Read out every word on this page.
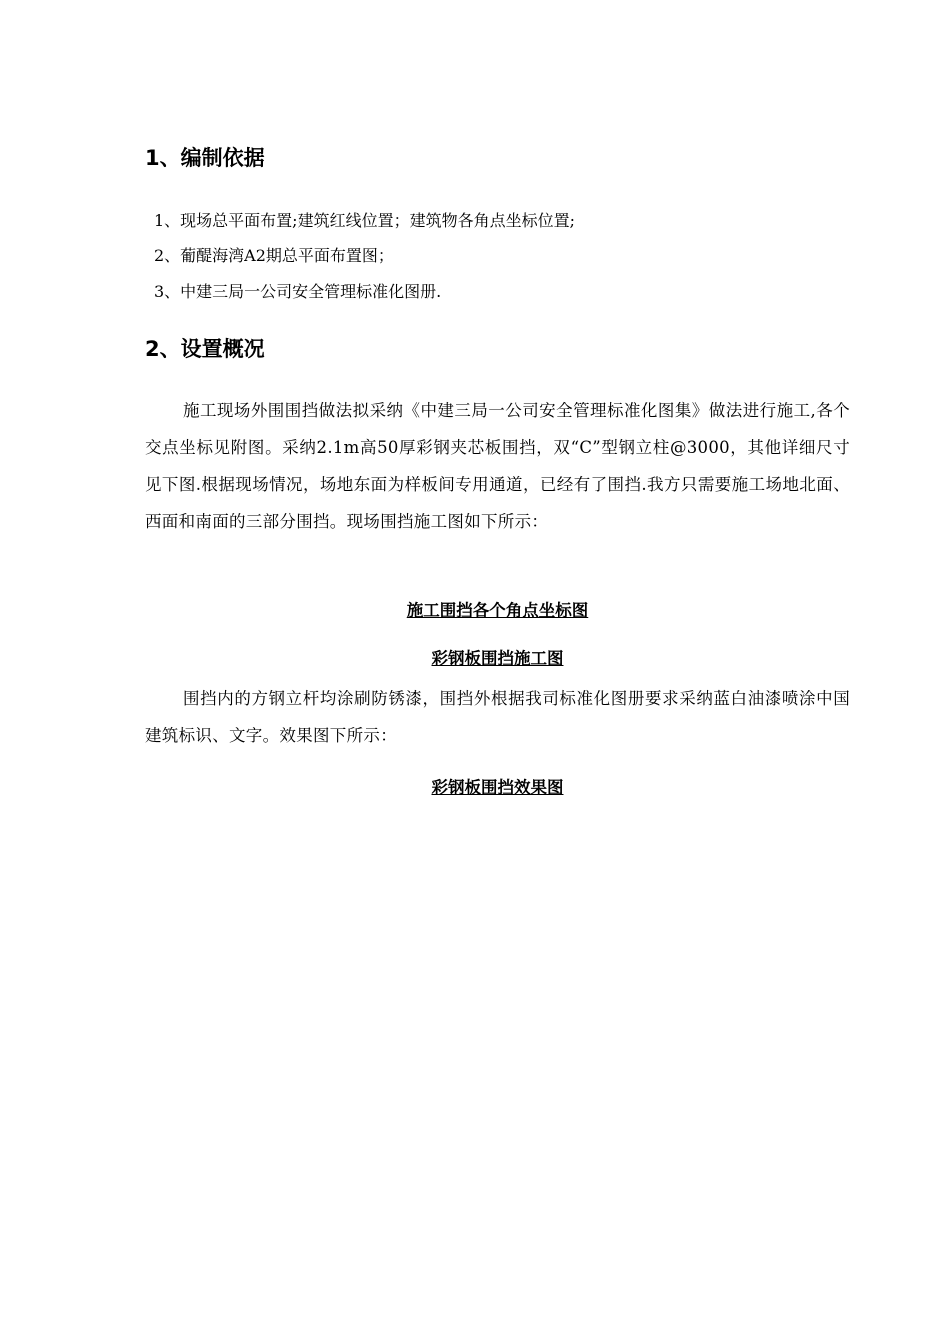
1、编制依据
1、现场总平面布置;建筑红线位置；建筑物各角点坐标位置;
2、葡醍海湾A2期总平面布置图；
3、中建三局一公司安全管理标准化图册.
2、设置概况
施工现场外围围挡做法拟采纳《中建三局一公司安全管理标准化图集》做法进行施工,各个交点坐标见附图。采纳2.1m高50厚彩钢夹芯板围挡，双“C”型钢立柱@3000，其他详细尺寸见下图.根据现场情况，场地东面为样板间专用通道，已经有了围挡.我方只需要施工场地北面、西面和南面的三部分围挡。现场围挡施工图如下所示：
施工围挡各个角点坐标图
彩钢板围挡施工图
围挡内的方钢立杆均涂刷防锈漆，围挡外根据我司标准化图册要求采纳蓝白油漆喷涂中国建筑标识、文字。效果图下所示：
彩钢板围挡效果图
